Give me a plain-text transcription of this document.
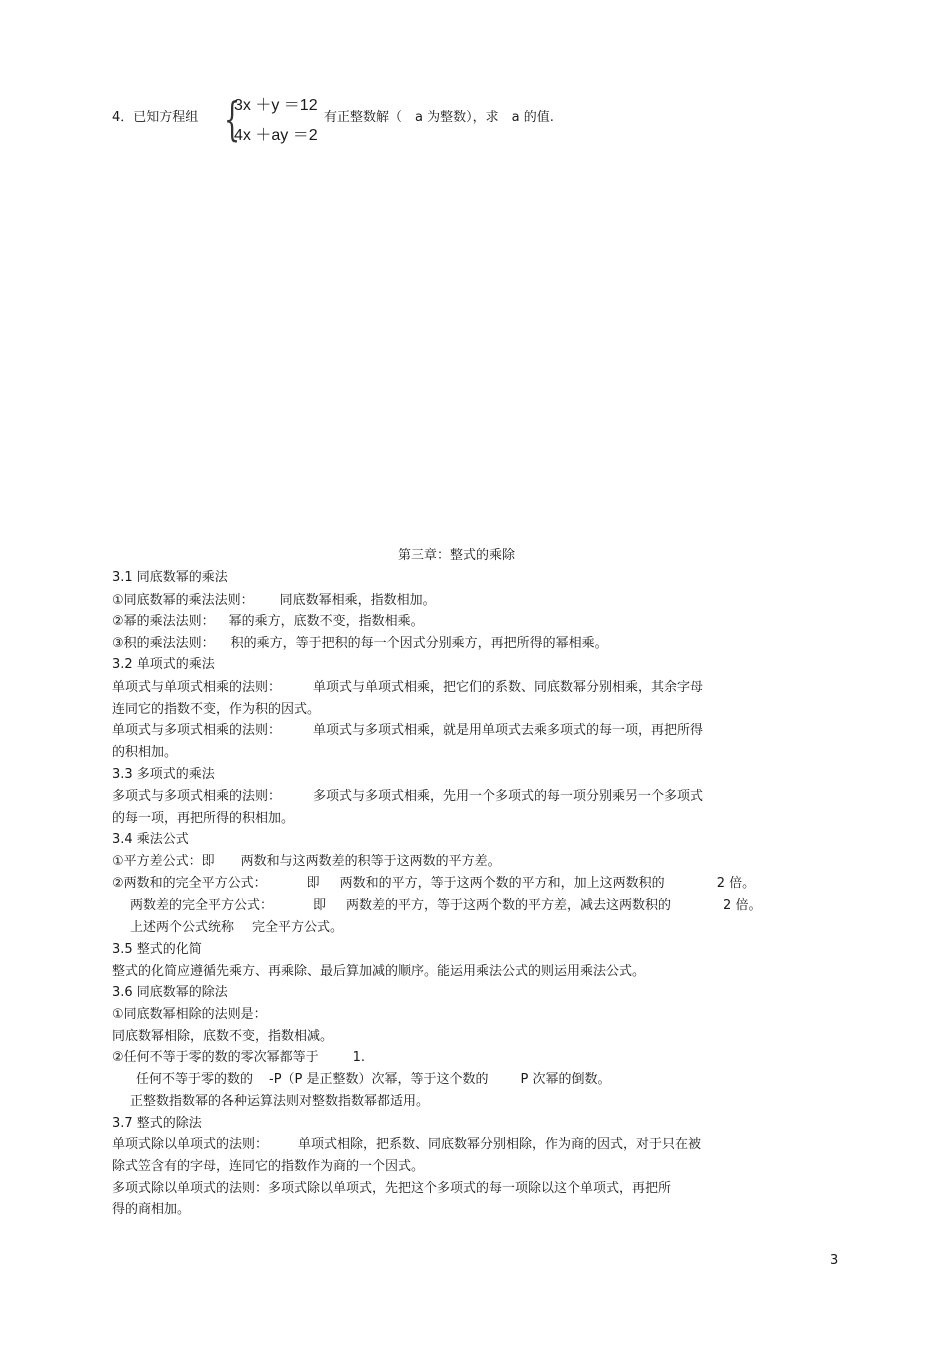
4．已知方程组 {
3x ＋y ＝12
4x ＋ay ＝2
有正整数解（　a 为整数），求　a 的值.
第三章：整式的乘除
3.1 同底数幂的乘法
①同底数幂的乘法法则： 同底数幂相乘，指数相加。
②幂的乘法法则： 幂的乘方，底数不变，指数相乘。
③积的乘法法则： 积的乘方，等于把积的每一个因式分别乘方，再把所得的幂相乘。
3.2 单项式的乘法
单项式与单项式相乘的法则： 单项式与单项式相乘，把它们的系数、同底数幂分别相乘，其余字母
连同它的指数不变，作为积的因式。
单项式与多项式相乘的法则： 单项式与多项式相乘，就是用单项式去乘多项式的每一项，再把所得
的积相加。
3.3 多项式的乘法
多项式与多项式相乘的法则： 多项式与多项式相乘，先用一个多项式的每一项分别乘另一个多项式
的每一项，再把所得的积相加。
3.4 乘法公式
①平方差公式：即 两数和与这两数差的积等于这两数的平方差。
②两数和的完全平方公式：	即 两数和的平方，等于这两个数的平方和，加上这两数积的	2 倍。
两数差的完全平方公式：	即 两数差的平方，等于这两个数的平方差，减去这两数积的	2 倍。
上述两个公式统称 完全平方公式。
3.5 整式的化简
整式的化简应遵循先乘方、再乘除、最后算加减的顺序。能运用乘法公式的则运用乘法公式。
3.6 同底数幂的除法
①同底数幂相除的法则是：
同底数幂相除，底数不变，指数相减。
②任何不等于零的数的零次幂都等于	1.
任何不等于零的数的 -P（P 是正整数）次幂，等于这个数的 P 次幂的倒数。
正整数指数幂的各种运算法则对整数指数幂都适用。
3.7 整式的除法
单项式除以单项式的法则： 单项式相除，把系数、同底数幂分别相除，作为商的因式，对于只在被
除式笠含有的字母，连同它的指数作为商的一个因式。
多项式除以单项式的法则：多项式除以单项式，先把这个多项式的每一项除以这个单项式，再把所
得的商相加。
3
